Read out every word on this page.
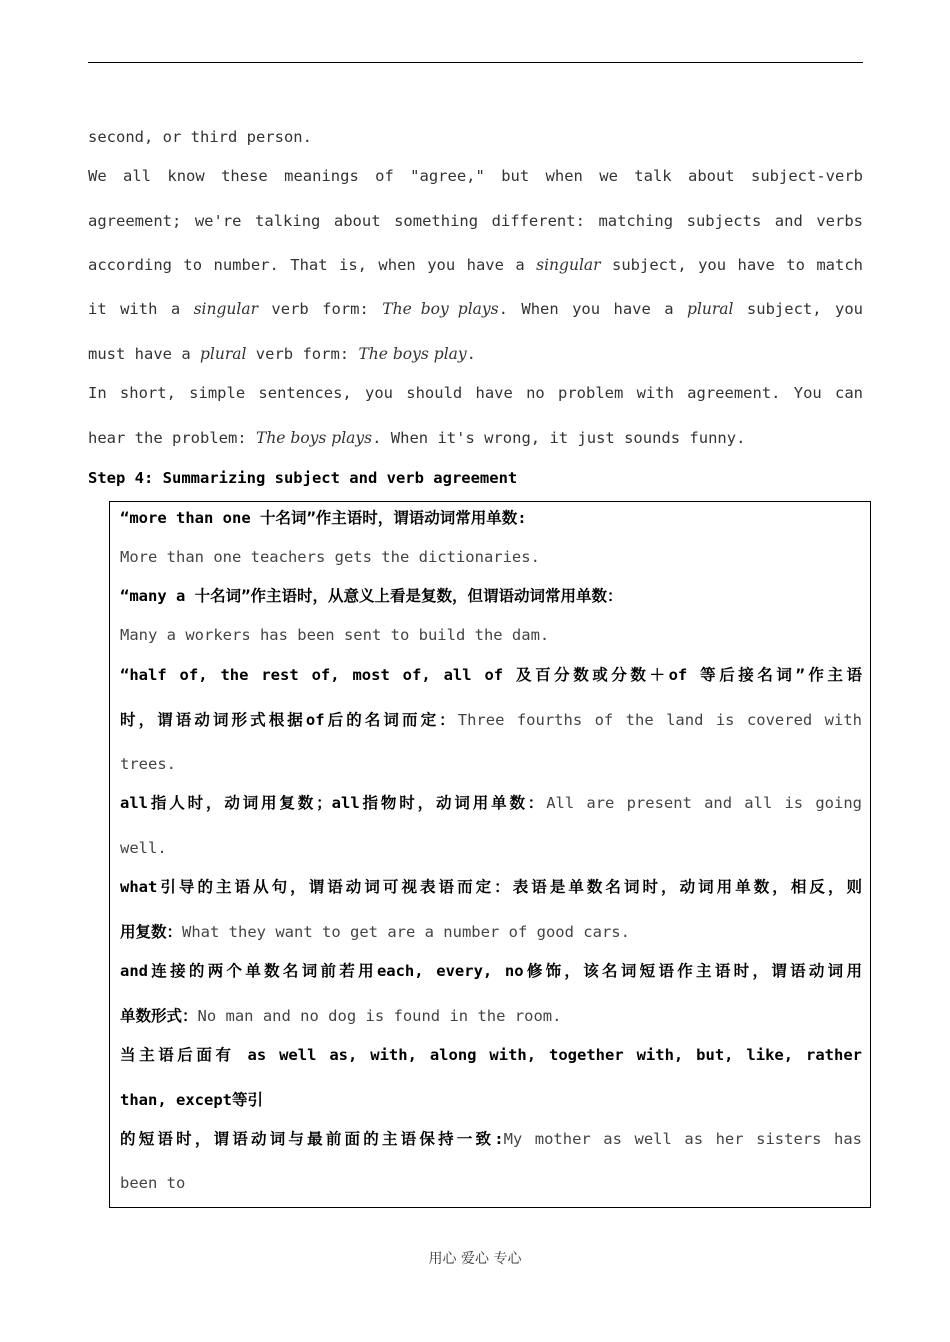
second, or third person.
We all know these meanings of "agree," but when we talk about subject-verb
agreement; we're talking about something different: matching subjects and verbs
according to number. That is, when you have a singular subject, you have to match
it with a singular verb form: The boy plays. When you have a plural subject, you
must have a plural verb form: The boys play.
In short, simple sentences, you should have no problem with agreement. You can
hear the problem: The boys plays. When it's wrong, it just sounds funny.
Step 4: Summarizing subject and verb agreement
“more than one 十名词”作主语时，谓语动词常用单数:
More than one teachers gets the dictionaries.
“many a 十名词”作主语时，从意义上看是复数，但谓语动词常用单数：
Many a workers has been sent to build the dam.
“half of, the rest of, most of, all of 及百分数或分数＋of 等后接名词”作主语
时，谓语动词形式根据of后的名词而定：Three fourths of the land is covered with
trees.
all指人时，动词用复数；all指物时，动词用单数：All are present and all is going
well.
what引导的主语从句，谓语动词可视表语而定：表语是单数名词时，动词用单数，相反，则
用复数：What they want to get are a number of good cars.
and连接的两个单数名词前若用each, every, no修饰，该名词短语作主语时，谓语动词用
单数形式：No man and no dog is found in the room.
当主语后面有 as well as, with, along with, together with, but, like, rather
than, except等引
的短语时，谓语动词与最前面的主语保持一致:My mother as well as her sisters has
been to
用心 爱心 专心
